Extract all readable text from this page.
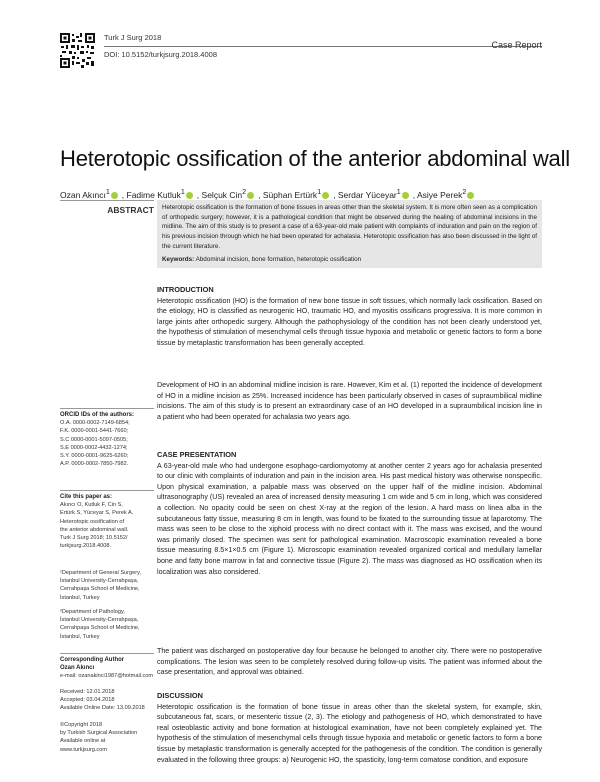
Turk J Surg 2018
DOI: 10.5152/turkjsurg.2018.4008
Case Report
Heterotopic ossification of the anterior abdominal wall
Ozan Akıncı$^1$ , Fadime Kutluk$^1$ , Selçuk Cin$^2$ , Süphan Ertürk$^1$ , Serdar Yüceyar$^1$ , Asiye Perek$^2$
ABSTRACT	Heterotopic ossification is the formation of bone tissues in areas other than the skeletal system. It is more often seen as a complication of orthopedic surgery; however, it is a pathological condition that might be observed during the healing of abdominal incisions in the midline. The aim of this study is to present a case of a 63-year-old male patient with complaints of induration and pain on the region of his previous incision through which he had been operated for achalasia. Heterotopic ossification has also been discussed in the light of the current literature.
Keywords: Abdominal incision, bone formation, heterotopic ossification
ORCID IDs of the authors:
O.A. 0000-0002-7149-6854;
F.K. 0000-0001-5441-7660;
S.C 0000-0001-5097-0505;
S.E 0000-0002-4432-1274;
S.Y. 0000-0001-9625-6260;
A.P. 0000-0002-7850-7982.
Cite this paper as:
Akıncı O, Kutluk F, Cin S,
Ertürk S, Yüceyar S, Perek A.
Heterotopic ossification of
the anterior abdominal wall.
Turk J Surg 2018; 10.5152/
turkjsurg.2018.4008.
¹Department of General Surgery,
İstanbul University-Cerrahpaşa,
Cerrahpaşa School of Medicine,
İstanbul, Turkey
²Department of Pathology,
İstanbul University-Cerrahpaşa,
Cerrahpaşa School of Medicine,
İstanbul, Turkey
Corresponding Author
Ozan Akıncı
e-mail: ozanakinci1987@hotmail.com
Received: 12.01.2018
Accepted: 03.04.2018
Available Online Date: 13.09.2018
©Copyright 2018
by Turkish Surgical Association
Available online at
www.turkjsurg.com
INTRODUCTION

Heterotopic ossification (HO) is the formation of new bone tissue in soft tissues, which normally lack ossification. Based on the etiology, HO is classified as neurogenic HO, traumatic HO, and myositis ossificans progressiva. It is more common in large joints after orthopedic surgery. Although the pathophysiology of the condition has not been clearly understood yet, the hypothesis of stimulation of mesenchymal cells through tissue hypoxia and metabolic or genetic factors to form a bone tissue by metaplastic transformation has been generally accepted.

Development of HO in an abdominal midline incision is rare. However, Kim et al. (1) reported the incidence of development of HO in a midline incision as 25%. Increased incidence has been particularly observed in cases of supraumbilical midline incisions. The aim of this study is to present an extraordinary case of an HO developed in a supraumbilical incision line in a patient who had been operated for achalasia two years ago.

CASE PRESENTATION

A 63-year-old male who had undergone esophago-cardiomyotomy at another center 2 years ago for achalasia presented to our clinic with complaints of induration and pain in the incision area. His past medical history was otherwise nonspecific. Upon physical examination, a palpable mass was observed on the upper half of the midline incision. Abdominal ultrasonography (US) revealed an area of increased density measuring 1 cm wide and 5 cm in long, which was considered a collection. No opacity could be seen on chest X-ray at the region of the lesion. A hard mass on linea alba in the subcutaneous fatty tissue, measuring 8 cm in length, was found to be fixated to the surrounding tissue at laparotomy. The mass was seen to be close to the xiphoid process with no direct contact with it. The mass was excised, and the wound was primarily closed. The specimen was sent for pathological examination. Macroscopic examination revealed a bone tissue measuring 8.5×1×0.5 cm (Figure 1). Microscopic examination revealed organized cortical and medullary lamellar bone and fatty bone marrow in fat and connective tissue (Figure 2). The mass was diagnosed as HO ossification when its localization was also considered.

The patient was discharged on postoperative day four because he belonged to another city. There were no postoperative complications. The lesion was seen to be completely resolved during follow-up visits. The patient was informed about the case presentation, and approval was obtained.

DISCUSSION

Heterotopic ossification is the formation of bone tissue in areas other than the skeletal system, for example, skin, subcutaneous fat, scars, or mesenteric tissue (2, 3). The etiology and pathogenesis of HO, which demonstrated to have real osteoblastic activity and bone formation at histological examination, have not been completely explained yet. The hypothesis of the stimulation of mesenchymal cells through tissue hypoxia and metabolic or genetic factors to form a bone tissue by metaplastic transformation is generally accepted for the pathogenesis of the condition. The condition is generally evaluated in the following three groups: a) Neurogenic HO, the spasticity, long-term comatose condition, and exposure
